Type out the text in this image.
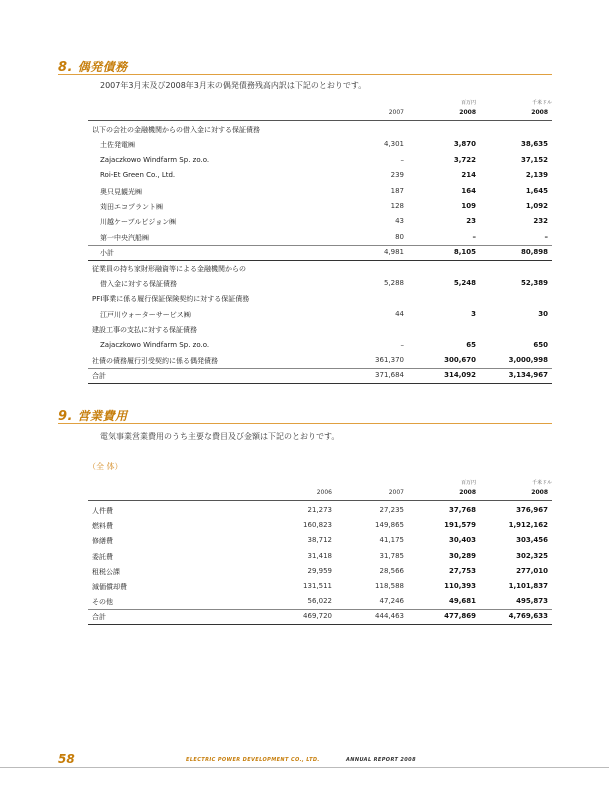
8. 偶発債務
2007年3月末及び2008年3月末の偶発債務残高内訳は下記のとおりです。
百万円	千米ドル
2007	2008	2008
以下の会社の金融機関からの借入金に対する保証債務
土佐発電㈱	4,301	3,870	38,635
Zajaczkowo Windfarm Sp. zo.o.	–	3,722	37,152
Roi-Et Green Co., Ltd.	239	214	2,139
奥只見観光㈱	187	164	1,645
苅田エコプラント㈱	128	109	1,092
川越ケーブルビジョン㈱	43	23	232
第一中央汽船㈱	80	–	–
小計	4,981	8,105	80,898
従業員の持ち家財形融資等による金融機関からの
借入金に対する保証債務	5,288	5,248	52,389
PFI事業に係る履行保証保険契約に対する保証債務
江戸川ウォーターサービス㈱	44	3	30
建設工事の支払に対する保証債務
Zajaczkowo Windfarm Sp. zo.o.	–	65	650
社債の債務履行引受契約に係る偶発債務	361,370	300,670	3,000,998
合計	371,684	314,092	3,134,967
9. 営業費用
電気事業営業費用のうち主要な費目及び金額は下記のとおりです。
（全 体）
百万円	千米ドル
2006	2007	2008	2008
人件費	21,273	27,235	37,768	376,967
燃料費	160,823	149,865	191,579	1,912,162
修繕費	38,712	41,175	30,403	303,456
委託費	31,418	31,785	30,289	302,325
租税公課	29,959	28,566	27,753	277,010
減価償却費	131,511	118,588	110,393	1,101,837
その他	56,022	47,246	49,681	495,873
合計	469,720	444,463	477,869	4,769,633
58	ELECTRIC POWER DEVELOPMENT CO., LTD.	ANNUAL REPORT 2008
